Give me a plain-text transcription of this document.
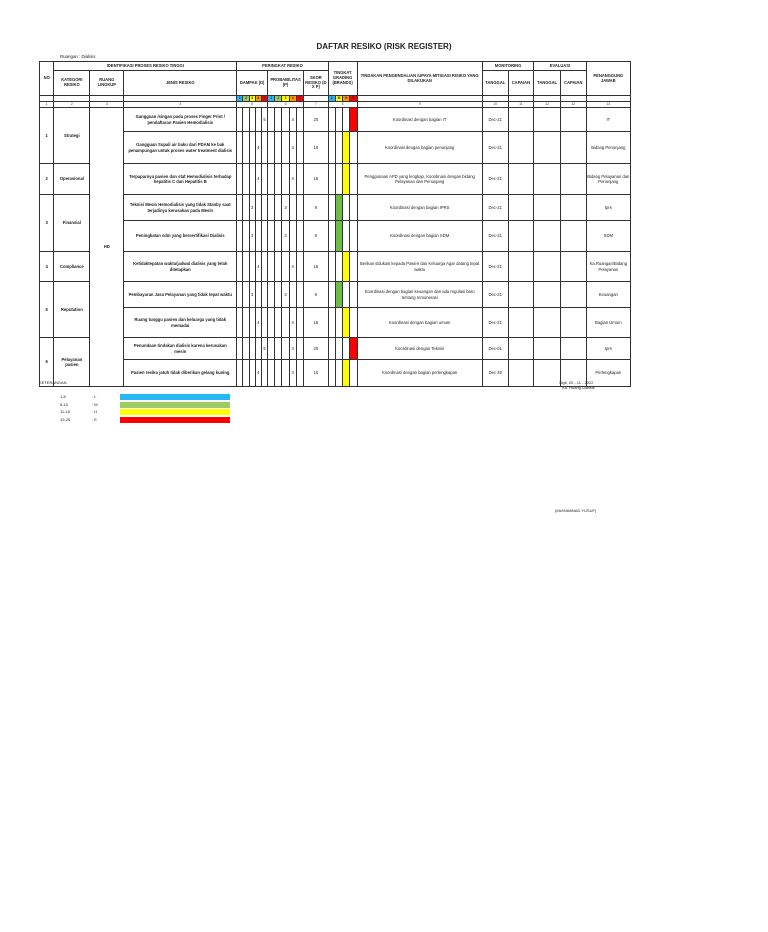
DAFTAR RESIKO (RISK REGISTER)
Ruangan : Dialisis
NO	IDENTIFIKASI PROSES RESIKO TINGGI			PERINGKAT RESIKO											TINGKAT GRADING (BRANDS)				TINDAKAN PENGENDALIAN /UPAYA MITIGASI RISIKO YANG DILAKUKAN	MONITORING		EVALUASI		PENANGGUNG JAWAB
	KATEGORI RESIKO	RUANG LINGKUP	JENIS RESIKO	DAMPAK (D)					PROBABILITAS (P)					SKOR RESIKO (D X P)						TANGGAL	CAPAIAN	TANGGAL	CAPAIAN	
				1	2	3	4	5	1	2	3	4	5		L	M	H	E						
1	2	3	4	5					6					7	8				9	10	11	12	12	13
1	Strategi	HD	Gangguan /singan pada proses Finger Print / pendaftaran Pasien Hemodialisis					5				4		20					Koordinasi dengan bagian IT	Dec-21				IT
			Gangguan Supali air baku dari PDAM ke bak penampungan untuk proses water treatment dialisis				4					4		16					Koordinasi dengan bagian penunjang	Dec-21				Bidang Penunjang
2	Operasional		Terpaparnya pasien dan staf Hemodialisis terhadap hepatitis C dan Hepatitis B				4					4		16					Penggunaan APD yang lengkap, Koordinasi dengan bidang Pelayanan dan Penunjang	Dec-21				Bidang Pelayanan dan Penunjang
3	Finansial		Teknisi Mesin Hemodialisis yang tidak Stanby saat terjadinya kerusakan pada Mesin			3					3			9					Koordinasi dengan bagian IPRS	Dec-21				Iprs
			Peningkatan sdm yang bersertifikasi Dialisis			3					3			9					Koordinasi dengan bagian SDM	Dec-21				SDM
4	Compliance		Ketidaktepatan waktu/jadwal dialisis yang telah ditetapkan				4					4		16					Berikan Edukasi kepada Pasien dan Keluarga Agar datang tepat waktu	Dec-21				Ka.Ruangan/Bidang Pelayanan
5	Reputation		Pembayaran Jasa Pelayanan yang tidak tepat waktu			3					3			9					Koordinasi dengan bagian keuangan dan ada regulasi baru tentang remunerasi	Dec-21				Keuangan
			Ruang tunggu pasien dan keluarga yang tidak memadai				4					4		16					Koordinasi dengan bagian umum	Dec-21				Bagian Umum
6	Pelayanan pasien		Penundaan tindakan dialisis karena kerusakan mesin					5				4		20					Koordinasi dengan Teknisi	Dec-01				Iprs
			Pasien resiko jatuh tidak diberikan gelang kuning				4					4		16					Koordinasi dengan bagian perlengkapan	Dec 39				Perlengkapan
KETERANGAN
1-5	: L
6-10	: M
11-18	: H
19-25	: E
Sigli, 20 - 11 - 2022
Ka. Ruang Dialisis
(MUHAMMAD YUSUF)
